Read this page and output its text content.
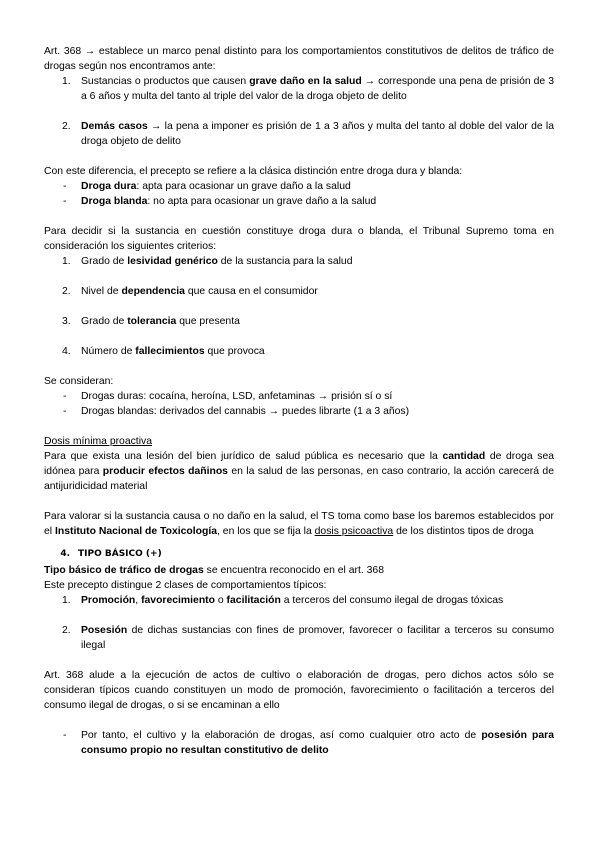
Art. 368 → establece un marco penal distinto para los comportamientos constitutivos de delitos de tráfico de drogas según nos encontramos ante:

1. Sustancias o productos que causen grave daño en la salud → corresponde una pena de prisión de 3 a 6 años y multa del tanto al triple del valor de la droga objeto de delito
2. Demás casos → la pena a imponer es prisión de 1 a 3 años y multa del tanto al doble del valor de la droga objeto de delito

Con este diferencia, el precepto se refiere a la clásica distinción entre droga dura y blanda:

- Droga dura: apta para ocasionar un grave daño a la salud
- Droga blanda: no apta para ocasionar un grave daño a la salud

Para decidir si la sustancia en cuestión constituye droga dura o blanda, el Tribunal Supremo toma en consideración los siguientes criterios:

1. Grado de lesividad genérico de la sustancia para la salud
2. Nivel de dependencia que causa en el consumidor
3. Grado de tolerancia que presenta
4. Número de fallecimientos que provoca

Se consideran:

- Drogas duras: cocaína, heroína, LSD, anfetaminas → prisión sí o sí
- Drogas blandas: derivados del cannabis → puedes librarte (1 a 3 años)

Dosis mínima proactiva

Para que exista una lesión del bien jurídico de salud pública es necesario que la cantidad de droga sea idónea para producir efectos dañinos en la salud de las personas, en caso contrario, la acción carecerá de antijuridicidad material

Para valorar si la sustancia causa o no daño en la salud, el TS toma como base los baremos establecidos por el Instituto Nacional de Toxicología, en los que se fija la dosis psicoactiva de los distintos tipos de droga

4. TIPO BÁSICO (+)

Tipo básico de tráfico de drogas se encuentra reconocido en el art. 368

Este precepto distingue 2 clases de comportamientos típicos:

1. Promoción, favorecimiento o facilitación a terceros del consumo ilegal de drogas tóxicas
2. Posesión de dichas sustancias con fines de promover, favorecer o facilitar a terceros su consumo ilegal

Art. 368 alude a la ejecución de actos de cultivo o elaboración de drogas, pero dichos actos sólo se consideran típicos cuando constituyen un modo de promoción, favorecimiento o facilitación a terceros del consumo ilegal de drogas, o si se encaminan a ello

- Por tanto, el cultivo y la elaboración de drogas, así como cualquier otro acto de posesión para consumo propio no resultan constitutivo de delito
